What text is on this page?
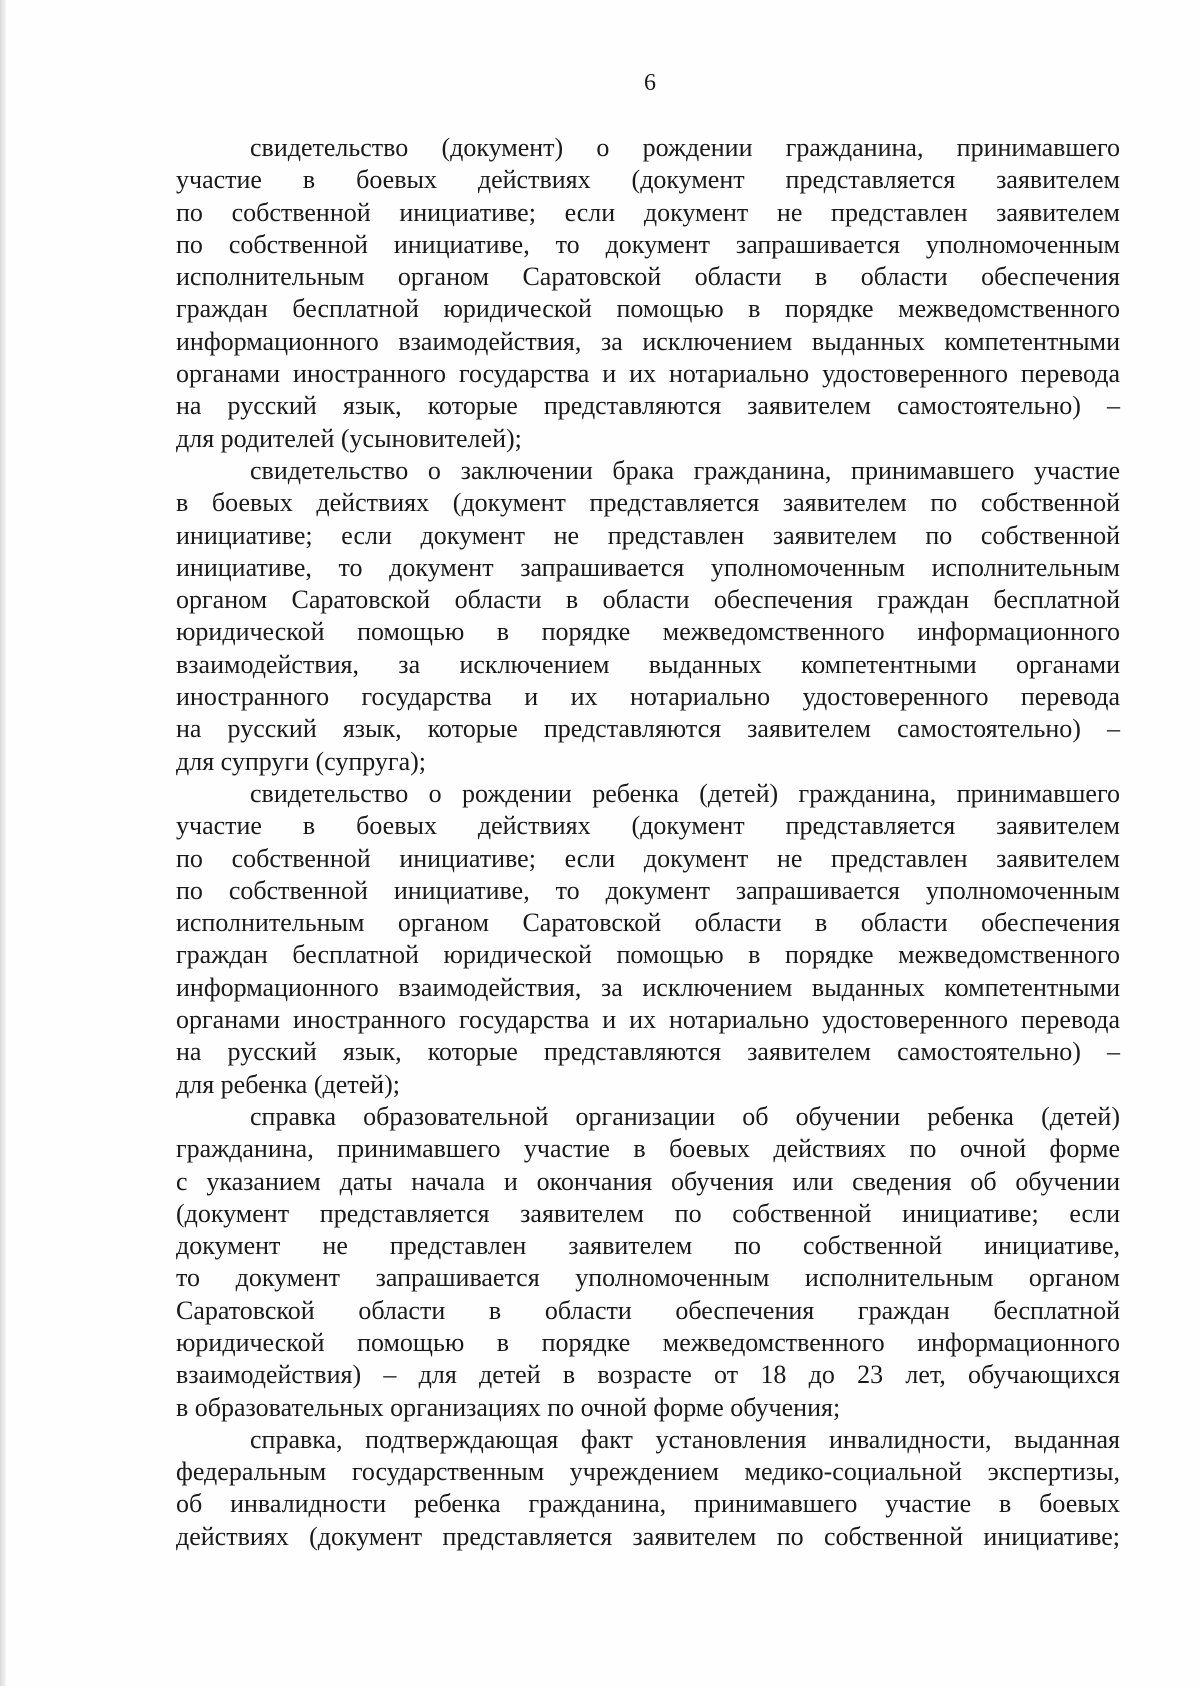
6
свидетельство (документ) о рождении гражданина, принимавшего
участие в боевых действиях (документ представляется заявителем
по собственной инициативе; если документ не представлен заявителем
по собственной инициативе, то документ запрашивается уполномоченным
исполнительным органом Саратовской области в области обеспечения
граждан бесплатной юридической помощью в порядке межведомственного
информационного взаимодействия, за исключением выданных компетентными
органами иностранного государства и их нотариально удостоверенного перевода
на русский язык, которые представляются заявителем самостоятельно) –
для родителей (усыновителей);
свидетельство о заключении брака гражданина, принимавшего участие
в боевых действиях (документ представляется заявителем по собственной
инициативе; если документ не представлен заявителем по собственной
инициативе, то документ запрашивается уполномоченным исполнительным
органом Саратовской области в области обеспечения граждан бесплатной
юридической помощью в порядке межведомственного информационного
взаимодействия, за исключением выданных компетентными органами
иностранного государства и их нотариально удостоверенного перевода
на русский язык, которые представляются заявителем самостоятельно) –
для супруги (супруга);
свидетельство о рождении ребенка (детей) гражданина, принимавшего
участие в боевых действиях (документ представляется заявителем
по собственной инициативе; если документ не представлен заявителем
по собственной инициативе, то документ запрашивается уполномоченным
исполнительным органом Саратовской области в области обеспечения
граждан бесплатной юридической помощью в порядке межведомственного
информационного взаимодействия, за исключением выданных компетентными
органами иностранного государства и их нотариально удостоверенного перевода
на русский язык, которые представляются заявителем самостоятельно) –
для ребенка (детей);
справка образовательной организации об обучении ребенка (детей)
гражданина, принимавшего участие в боевых действиях по очной форме
с указанием даты начала и окончания обучения или сведения об обучении
(документ представляется заявителем по собственной инициативе; если
документ не представлен заявителем по собственной инициативе,
то документ запрашивается уполномоченным исполнительным органом
Саратовской области в области обеспечения граждан бесплатной
юридической помощью в порядке межведомственного информационного
взаимодействия) – для детей в возрасте от 18 до 23 лет, обучающихся
в образовательных организациях по очной форме обучения;
справка, подтверждающая факт установления инвалидности, выданная
федеральным государственным учреждением медико-социальной экспертизы,
об инвалидности ребенка гражданина, принимавшего участие в боевых
действиях (документ представляется заявителем по собственной инициативе;
